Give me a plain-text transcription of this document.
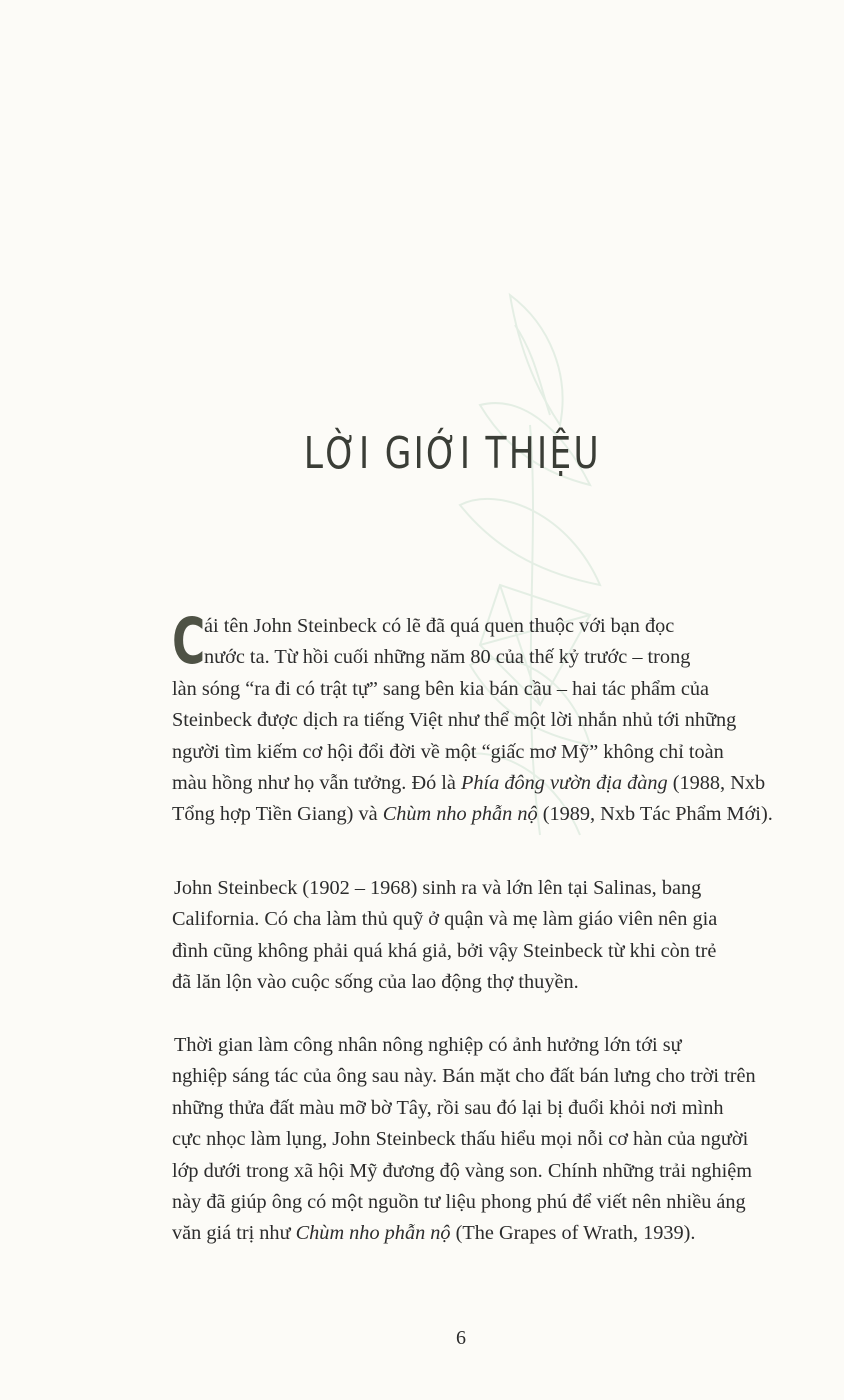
LỜI GIỚI THIỆU
C
ái tên John Steinbeck có lẽ đã quá quen thuộc với bạn đọc
nước ta. Từ hồi cuối những năm 80 của thế kỷ trước – trong
làn sóng “ra đi có trật tự” sang bên kia bán cầu – hai tác phẩm của
Steinbeck được dịch ra tiếng Việt như thể một lời nhắn nhủ tới những
người tìm kiếm cơ hội đổi đời về một “giấc mơ Mỹ” không chỉ toàn
màu hồng như họ vẫn tưởng. Đó là Phía đông vườn địa đàng (1988, Nxb
Tổng hợp Tiền Giang) và Chùm nho phẫn nộ (1989, Nxb Tác Phẩm Mới).
John Steinbeck (1902 – 1968) sinh ra và lớn lên tại Salinas, bang
California. Có cha làm thủ quỹ ở quận và mẹ làm giáo viên nên gia
đình cũng không phải quá khá giả, bởi vậy Steinbeck từ khi còn trẻ
đã lăn lộn vào cuộc sống của lao động thợ thuyền.
Thời gian làm công nhân nông nghiệp có ảnh hưởng lớn tới sự
nghiệp sáng tác của ông sau này. Bán mặt cho đất bán lưng cho trời trên
những thửa đất màu mỡ bờ Tây, rồi sau đó lại bị đuổi khỏi nơi mình
cực nhọc làm lụng, John Steinbeck thấu hiểu mọi nỗi cơ hàn của người
lớp dưới trong xã hội Mỹ đương độ vàng son. Chính những trải nghiệm
này đã giúp ông có một nguồn tư liệu phong phú để viết nên nhiều áng
văn giá trị như Chùm nho phẫn nộ (The Grapes of Wrath, 1939).
6
